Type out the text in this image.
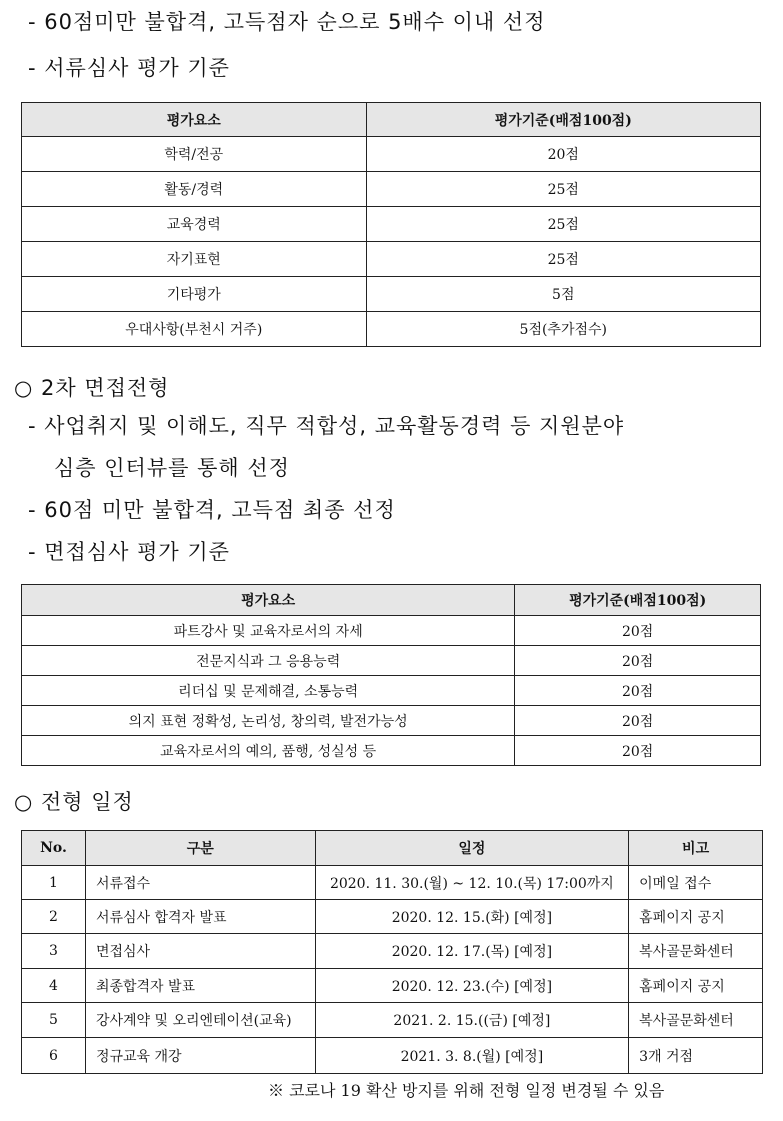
- 60점미만 불합격, 고득점자 순으로 5배수 이내 선정
- 서류심사 평가 기준
평가요소	평가기준(배점100점)
학력/전공	20점
활동/경력	25점
교육경력	25점
자기표현	25점
기타평가	5점
우대사항(부천시 거주)	5점(추가점수)
○ 2차 면접전형
- 사업취지 및 이해도, 직무 적합성, 교육활동경력 등 지원분야
심층 인터뷰를 통해 선정
- 60점 미만 불합격, 고득점 최종 선정
- 면접심사 평가 기준
평가요소	평가기준(배점100점)
파트강사 및 교육자로서의 자세	20점
전문지식과 그 응용능력	20점
리더십 및 문제해결, 소통능력	20점
의지 표현 정확성, 논리성, 창의력, 발전가능성	20점
교육자로서의 예의, 품행, 성실성 등	20점
○ 전형 일정
No.	구분	일정	비고
1	서류접수	2020. 11. 30.(월) ~ 12. 10.(목) 17:00까지	이메일 접수
2	서류심사 합격자 발표	2020. 12. 15.(화) [예정]	홈페이지 공지
3	면접심사	2020. 12. 17.(목) [예정]	복사골문화센터
4	최종합격자 발표	2020. 12. 23.(수) [예정]	홈페이지 공지
5	강사계약 및 오리엔테이션(교육)	2021. 2. 15.((금) [예정]	복사골문화센터
6	정규교육 개강	2021. 3. 8.(월) [예정]	3개 거점
※ 코로나 19 확산 방지를 위해 전형 일정 변경될 수 있음
